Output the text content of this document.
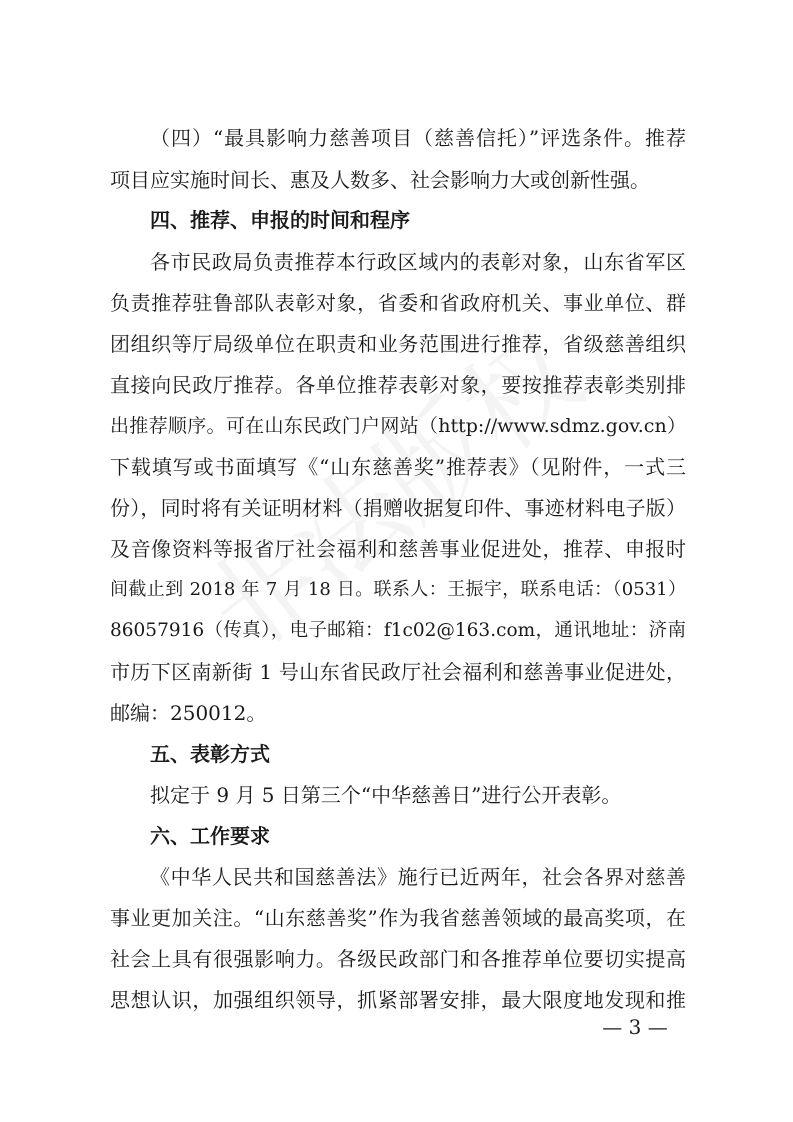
（四）“最具影响力慈善项目（慈善信托）”评选条件。推荐
项目应实施时间长、惠及人数多、社会影响力大或创新性强。
四、推荐、申报的时间和程序
各市民政局负责推荐本行政区域内的表彰对象，山东省军区
负责推荐驻鲁部队表彰对象，省委和省政府机关、事业单位、群
团组织等厅局级单位在职责和业务范围进行推荐，省级慈善组织
直接向民政厅推荐。各单位推荐表彰对象，要按推荐表彰类别排
出推荐顺序。可在山东民政门户网站（http://www.sdmz.gov.cn）
下载填写或书面填写《“山东慈善奖”推荐表》（见附件，一式三
份），同时将有关证明材料（捐赠收据复印件、事迹材料电子版）
及音像资料等报省厅社会福利和慈善事业促进处，推荐、申报时
间截止到 2018 年 7 月 18 日。联系人：王振宇，联系电话：（0531）
86057916（传真），电子邮箱：f1c02@163.com，通讯地址：济南
市历下区南新街 1 号山东省民政厅社会福利和慈善事业促进处，
邮编：250012。
五、表彰方式
拟定于 9 月 5 日第三个“中华慈善日”进行公开表彰。
六、工作要求
《中华人民共和国慈善法》施行已近两年，社会各界对慈善
事业更加关注。“山东慈善奖”作为我省慈善领域的最高奖项，在
社会上具有很强影响力。各级民政部门和各推荐单位要切实提高
思想认识，加强组织领导，抓紧部署安排，最大限度地发现和推
— 3 —
